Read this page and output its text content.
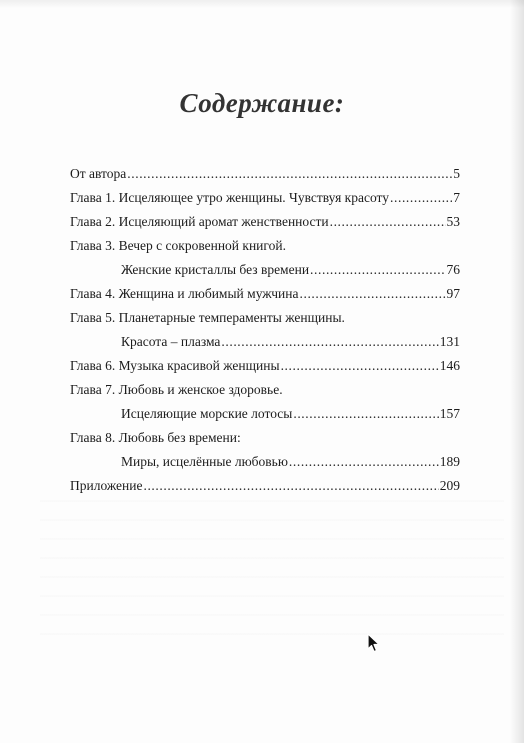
Содержание:
От автора .....	5
Глава 1. Исцеляющее утро женщины. Чувствуя красоту .....	7
Глава 2. Исцеляющий аромат женственности .....	53
Глава 3. Вечер с сокровенной книгой.
Женские кристаллы без времени .....	76
Глава 4. Женщина и любимый мужчина .....	97
Глава 5. Планетарные темпераменты женщины.
Красота – плазма .....	131
Глава 6. Музыка красивой женщины .....	146
Глава 7. Любовь и женское здоровье.
Исцеляющие морские лотосы .....	157
Глава 8. Любовь без времени:
Миры, исцелённые любовью .....	189
Приложение .....	209
